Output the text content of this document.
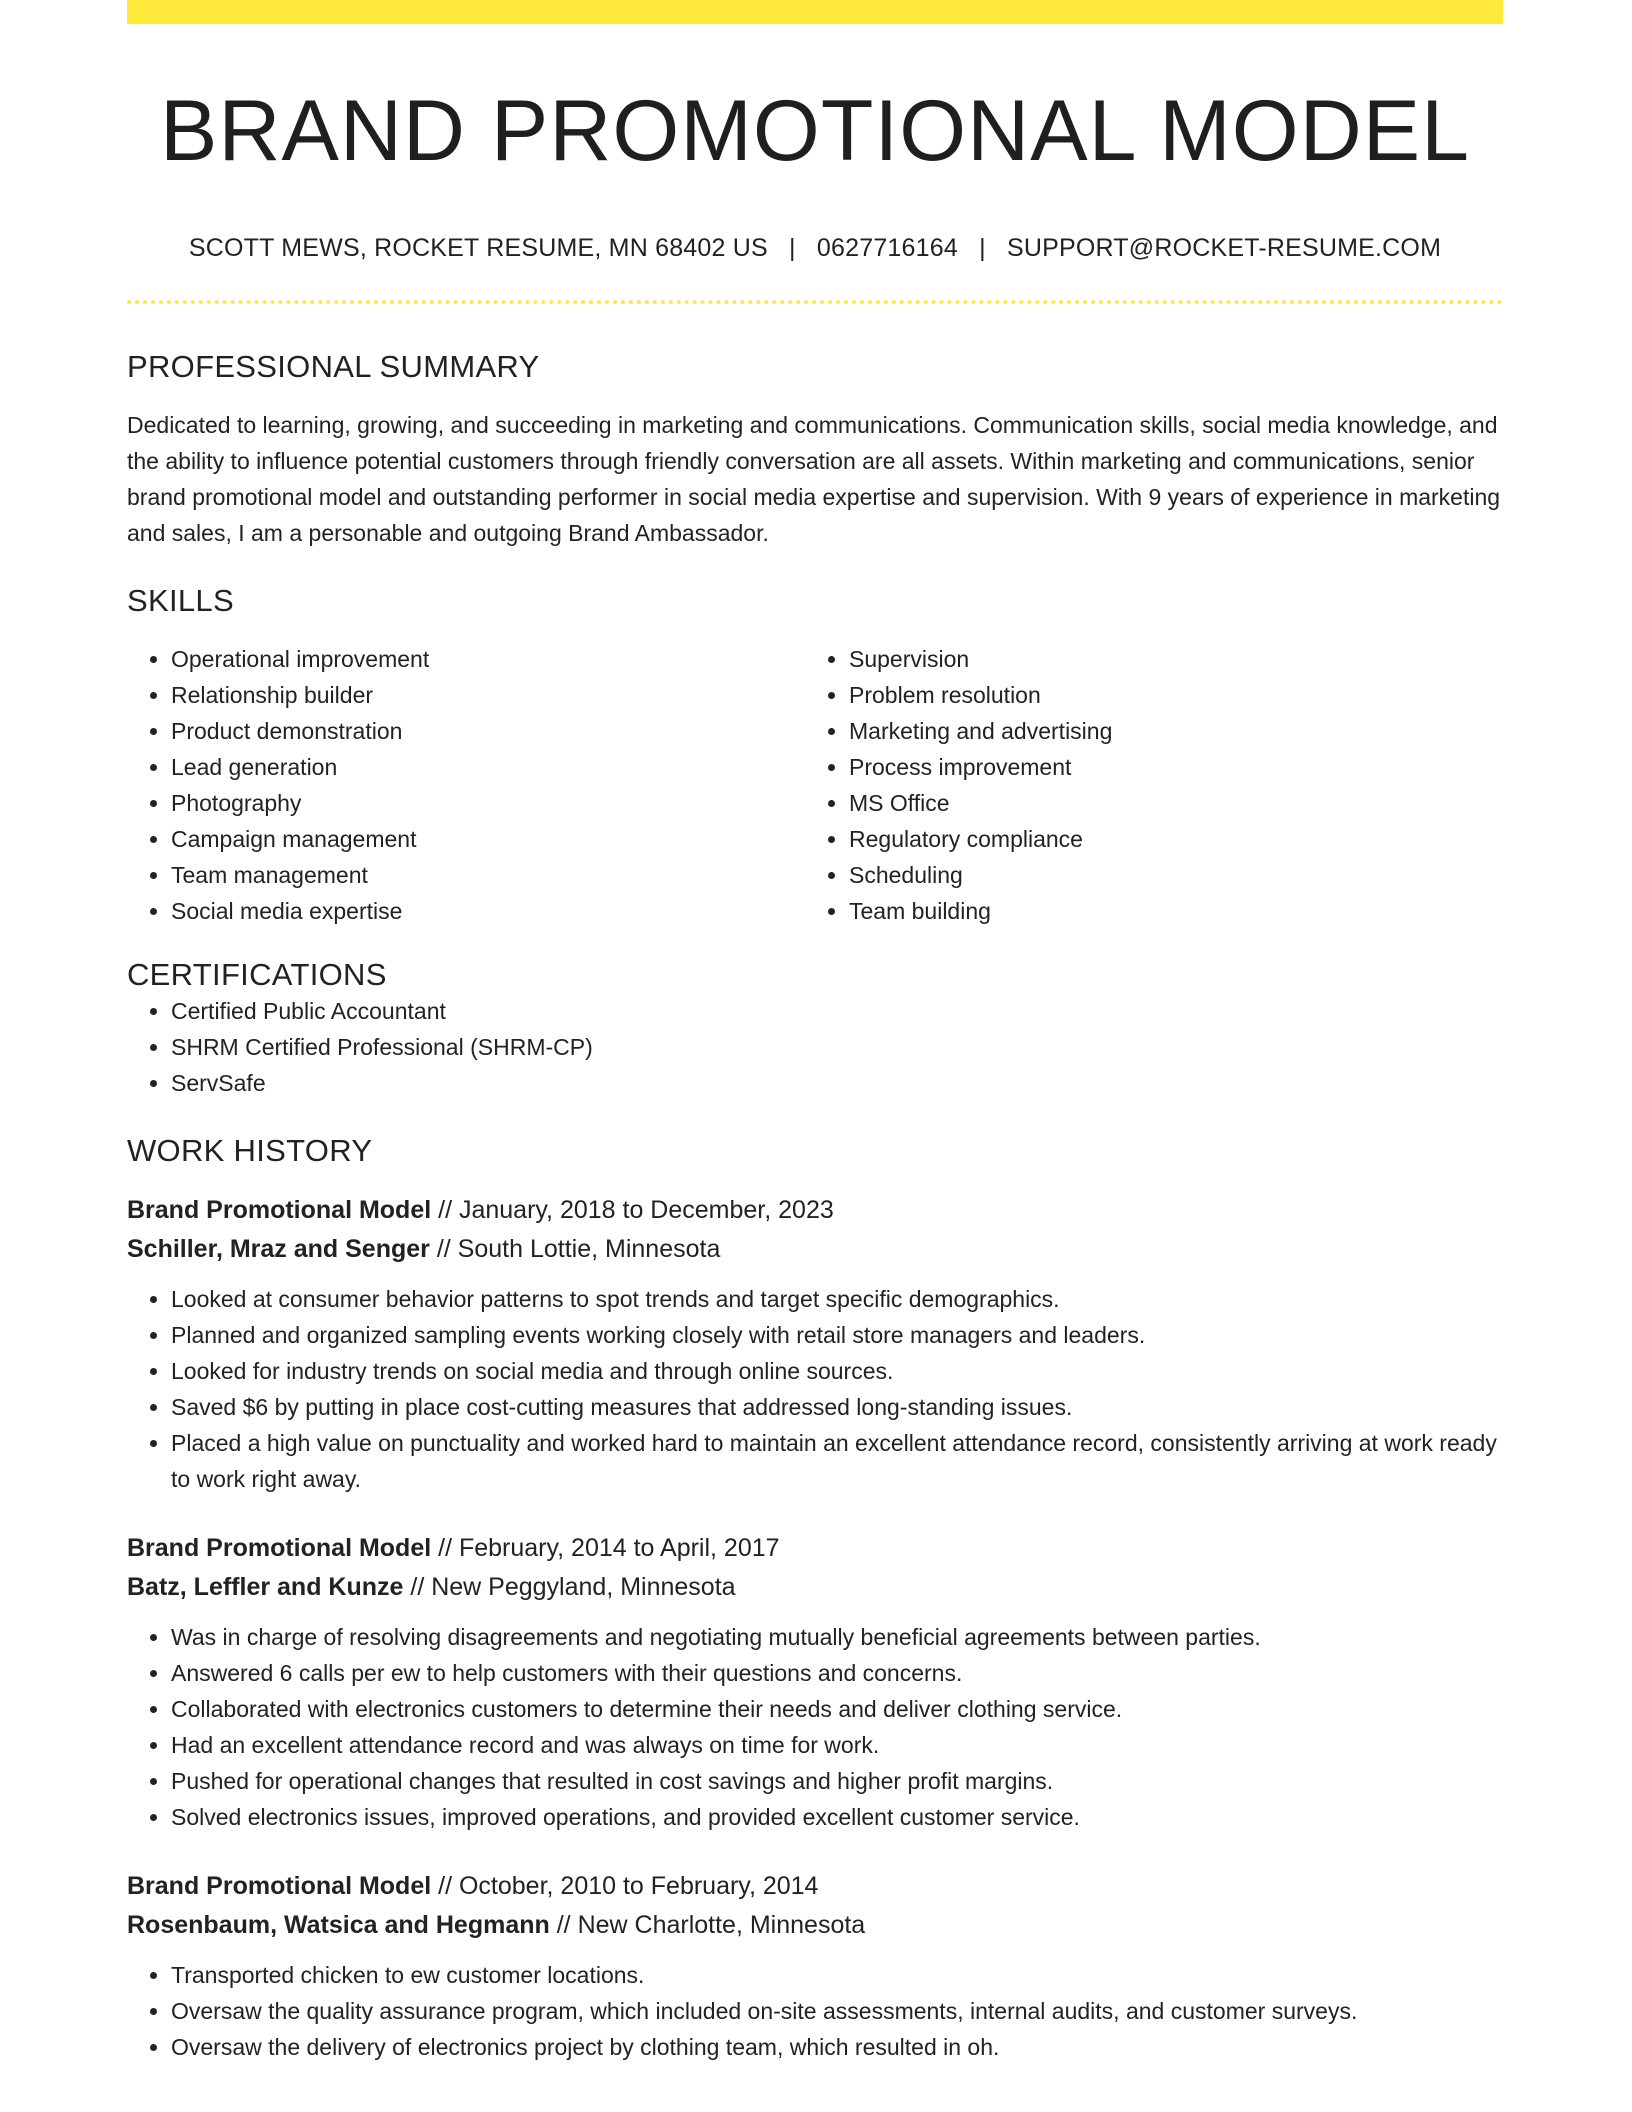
BRAND PROMOTIONAL MODEL
SCOTT MEWS, ROCKET RESUME, MN 68402 US | 0627716164 | SUPPORT@ROCKET-RESUME.COM
PROFESSIONAL SUMMARY

Dedicated to learning, growing, and succeeding in marketing and communications. Communication skills, social media knowledge, and the ability to influence potential customers through friendly conversation are all assets. Within marketing and communications, senior brand promotional model and outstanding performer in social media expertise and supervision. With 9 years of experience in marketing and sales, I am a personable and outgoing Brand Ambassador.

SKILLS
• Operational improvement
• Relationship builder
• Product demonstration
• Lead generation
• Photography
• Campaign management
• Team management
• Social media expertise
• Supervision
• Problem resolution
• Marketing and advertising
• Process improvement
• MS Office
• Regulatory compliance
• Scheduling
• Team building
CERTIFICATIONS
• Certified Public Accountant
• SHRM Certified Professional (SHRM-CP)
• ServSafe
WORK HISTORY
Brand Promotional Model // January, 2018 to December, 2023
Schiller, Mraz and Senger // South Lottie, Minnesota
• Looked at consumer behavior patterns to spot trends and target specific demographics.
• Planned and organized sampling events working closely with retail store managers and leaders.
• Looked for industry trends on social media and through online sources.
• Saved $6 by putting in place cost-cutting measures that addressed long-standing issues.
• Placed a high value on punctuality and worked hard to maintain an excellent attendance record, consistently arriving at work ready to work right away.
Brand Promotional Model // February, 2014 to April, 2017
Batz, Leffler and Kunze // New Peggyland, Minnesota
• Was in charge of resolving disagreements and negotiating mutually beneficial agreements between parties.
• Answered 6 calls per ew to help customers with their questions and concerns.
• Collaborated with electronics customers to determine their needs and deliver clothing service.
• Had an excellent attendance record and was always on time for work.
• Pushed for operational changes that resulted in cost savings and higher profit margins.
• Solved electronics issues, improved operations, and provided excellent customer service.
Brand Promotional Model // October, 2010 to February, 2014
Rosenbaum, Watsica and Hegmann // New Charlotte, Minnesota
• Transported chicken to ew customer locations.
• Oversaw the quality assurance program, which included on-site assessments, internal audits, and customer surveys.
• Oversaw the delivery of electronics project by clothing team, which resulted in oh.
